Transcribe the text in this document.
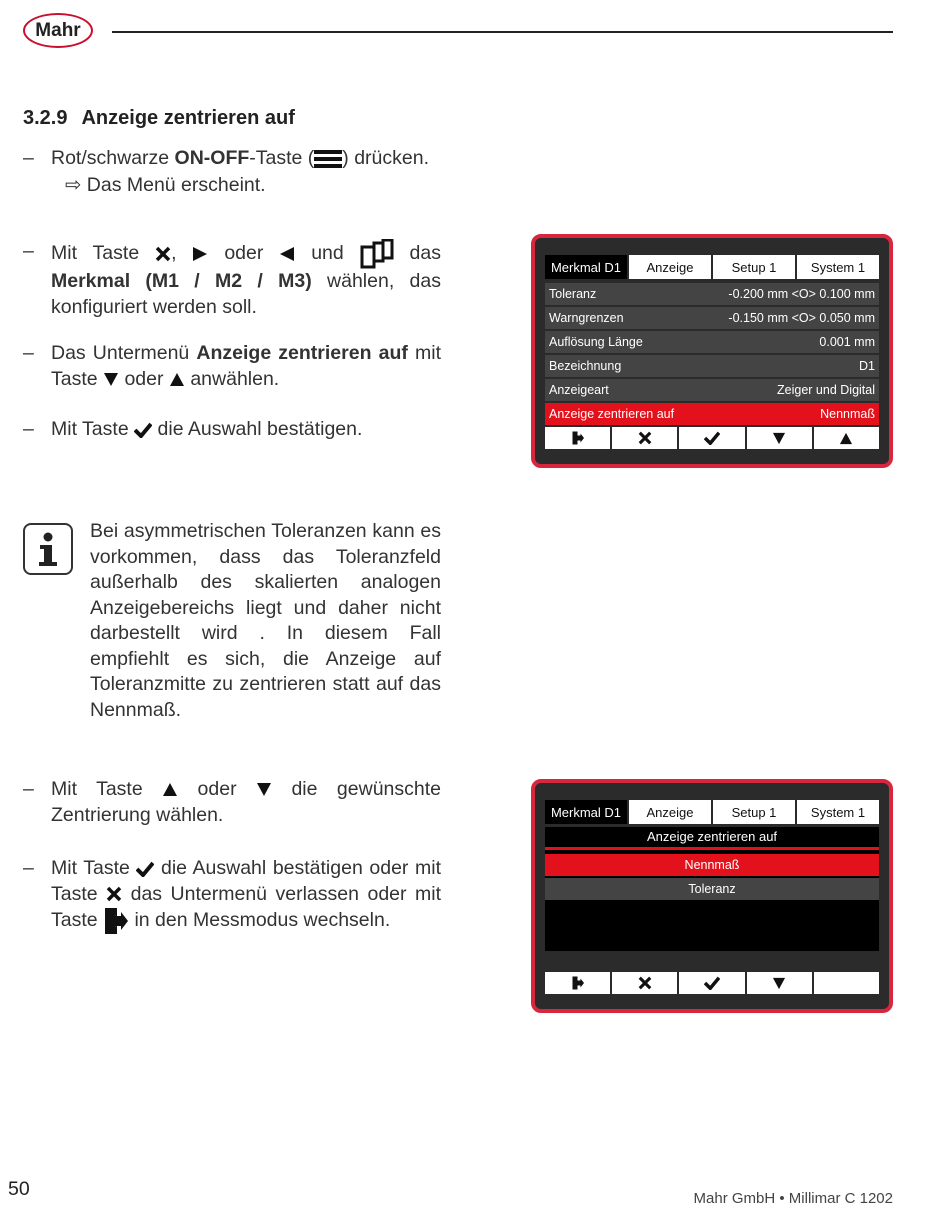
Mahr
3.2.9 Anzeige zentrieren auf
– Rot/schwarze ON-OFF-Taste ( ) drücken.
⇨ Das Menü erscheint.
– Mit Taste ,  oder  und  das Merkmal (M1 / M2 / M3) wählen, das konfiguriert werden soll.
– Das Untermenü Anzeige zentrieren auf mit Taste  oder  anwählen.
– Mit Taste  die Auswahl bestätigen.
Bei asymmetrischen Toleranzen kann es vorkommen, dass das Toleranzfeld außerhalb des skalierten analogen Anzeigebereichs liegt und daher nicht darbestellt wird . In diesem Fall empfiehlt es sich, die Anzeige auf Toleranzmitte zu zentrieren statt auf das Nennmaß.
– Mit Taste  oder  die gewünschte Zentrierung wählen.
– Mit Taste  die Auswahl bestätigen oder mit Taste  das Untermenü verlassen oder mit Taste  in den Messmodus wechseln.
Merkmal D1	Anzeige	Setup 1	System 1
Toleranz	-0.200 mm <O> 0.100 mm
Warngrenzen	-0.150 mm <O> 0.050 mm
Auflösung Länge	0.001 mm
Bezeichnung	D1
Anzeigeart	Zeiger und Digital
Anzeige zentrieren auf	Nennmaß
Merkmal D1	Anzeige	Setup 1	System 1
Anzeige zentrieren auf
Nennmaß
Toleranz
50	Mahr GmbH • Millimar C 1202
